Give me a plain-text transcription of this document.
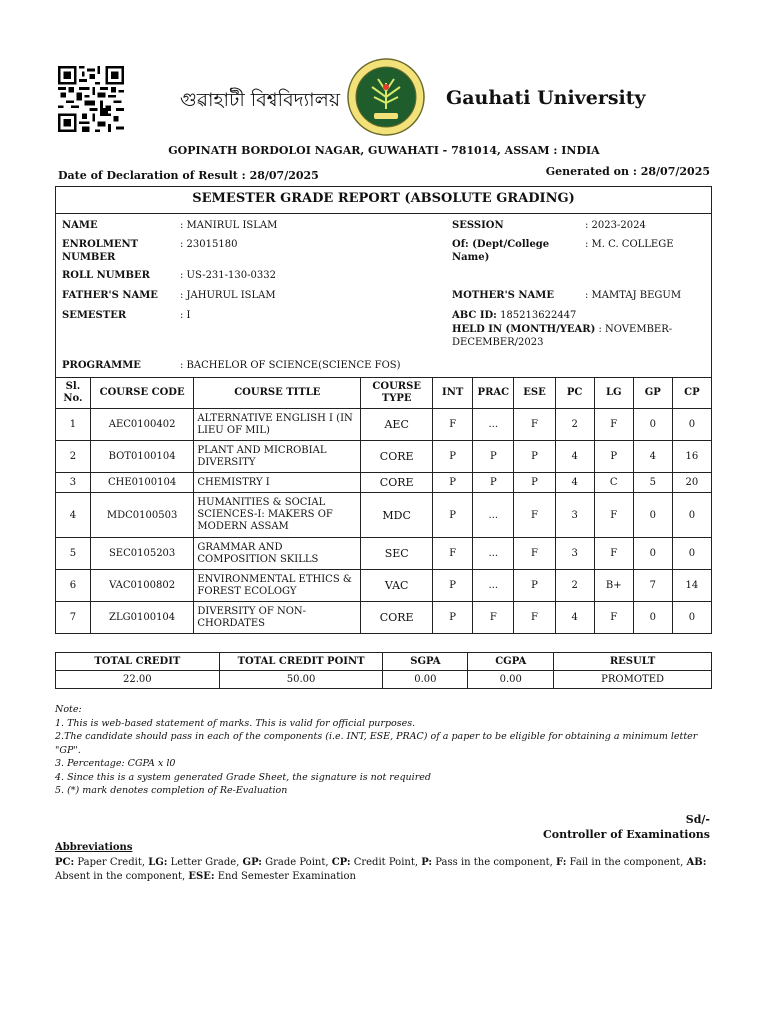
গুৱাহাটী বিশ্ববিদ্যালয়	Gauhati University
GOPINATH BORDOLOI NAGAR, GUWAHATI - 781014, ASSAM : INDIA
Date of Declaration of Result : 28/07/2025	Generated on : 28/07/2025
SEMESTER GRADE REPORT (ABSOLUTE GRADING)
NAME	: MANIRUL ISLAM
ENROLMENT NUMBER
: 23015180
ROLL NUMBER	: US-231-130-0332
FATHER'S NAME : JAHURUL ISLAM
SEMESTER	: I
PROGRAMME	: BACHELOR OF SCIENCE(SCIENCE FOS)
SESSION	: 2023-2024
Of: (Dept/College Name)
: M. C. COLLEGE
MOTHER'S NAME	: MAMTAJ BEGUM
ABC ID: 185213622447
HELD IN (MONTH/YEAR) : NOVEMBER-DECEMBER/2023
Sl. No.	COURSE CODE	COURSE TITLE	COURSE TYPE	INT	PRAC	ESE	PC	LG	GP	CP
1	AEC0100402	ALTERNATIVE ENGLISH I (IN LIEU OF MIL)	AEC	F	...	F	2	F	0	0
2	BOT0100104	PLANT AND MICROBIAL DIVERSITY	CORE	P	P	P	4	P	4	16
3	CHE0100104	CHEMISTRY I	CORE	P	P	P	4	C	5	20
4	MDC0100503	HUMANITIES & SOCIAL SCIENCES-I: MAKERS OF MODERN ASSAM	MDC	P	...	F	3	F	0	0
5	SEC0105203	GRAMMAR AND COMPOSITION SKILLS	SEC	F	...	F	3	F	0	0
6	VAC0100802	ENVIRONMENTAL ETHICS & FOREST ECOLOGY	VAC	P	...	P	2	B+	7	14
7	ZLG0100104	DIVERSITY OF NON-CHORDATES	CORE	P	F	F	4	F	0	0
TOTAL CREDIT	TOTAL CREDIT POINT	SGPA	CGPA	RESULT
22.00	50.00	0.00	0.00	PROMOTED
Note:
1. This is web-based statement of marks. This is valid for official purposes.
2.The candidate should pass in each of the components (i.e. INT, ESE, PRAC) of a paper to be eligible for obtaining a minimum letter "GP".
3. Percentage: CGPA x l0
4. Since this is a system generated Grade Sheet, the signature is not required
5. (*) mark denotes completion of Re-Evaluation
Sd/-
Controller of Examinations
Abbreviations
PC: Paper Credit, LG: Letter Grade, GP: Grade Point, CP: Credit Point, P: Pass in the component, F: Fail in the component, AB: Absent in the component, ESE: End Semester Examination
